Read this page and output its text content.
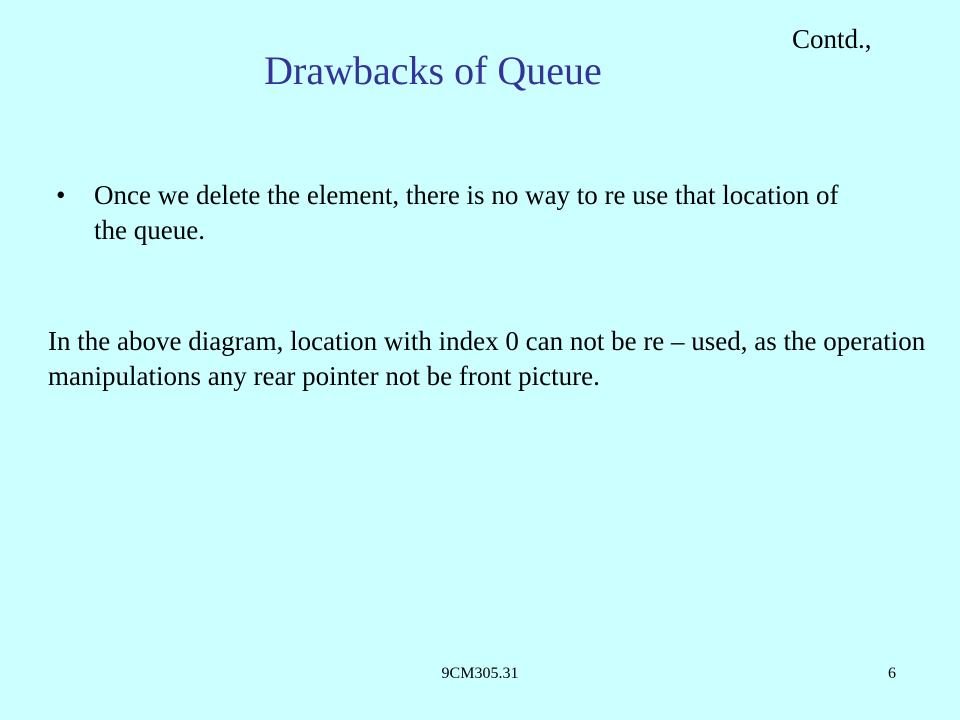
Contd.,
Drawbacks of Queue
• Once we delete the element, there is no way to re use that location of the queue.
In the above diagram, location with index 0 can not be re – used, as the operation manipulations any rear pointer not be front picture.
9CM305.31	6
